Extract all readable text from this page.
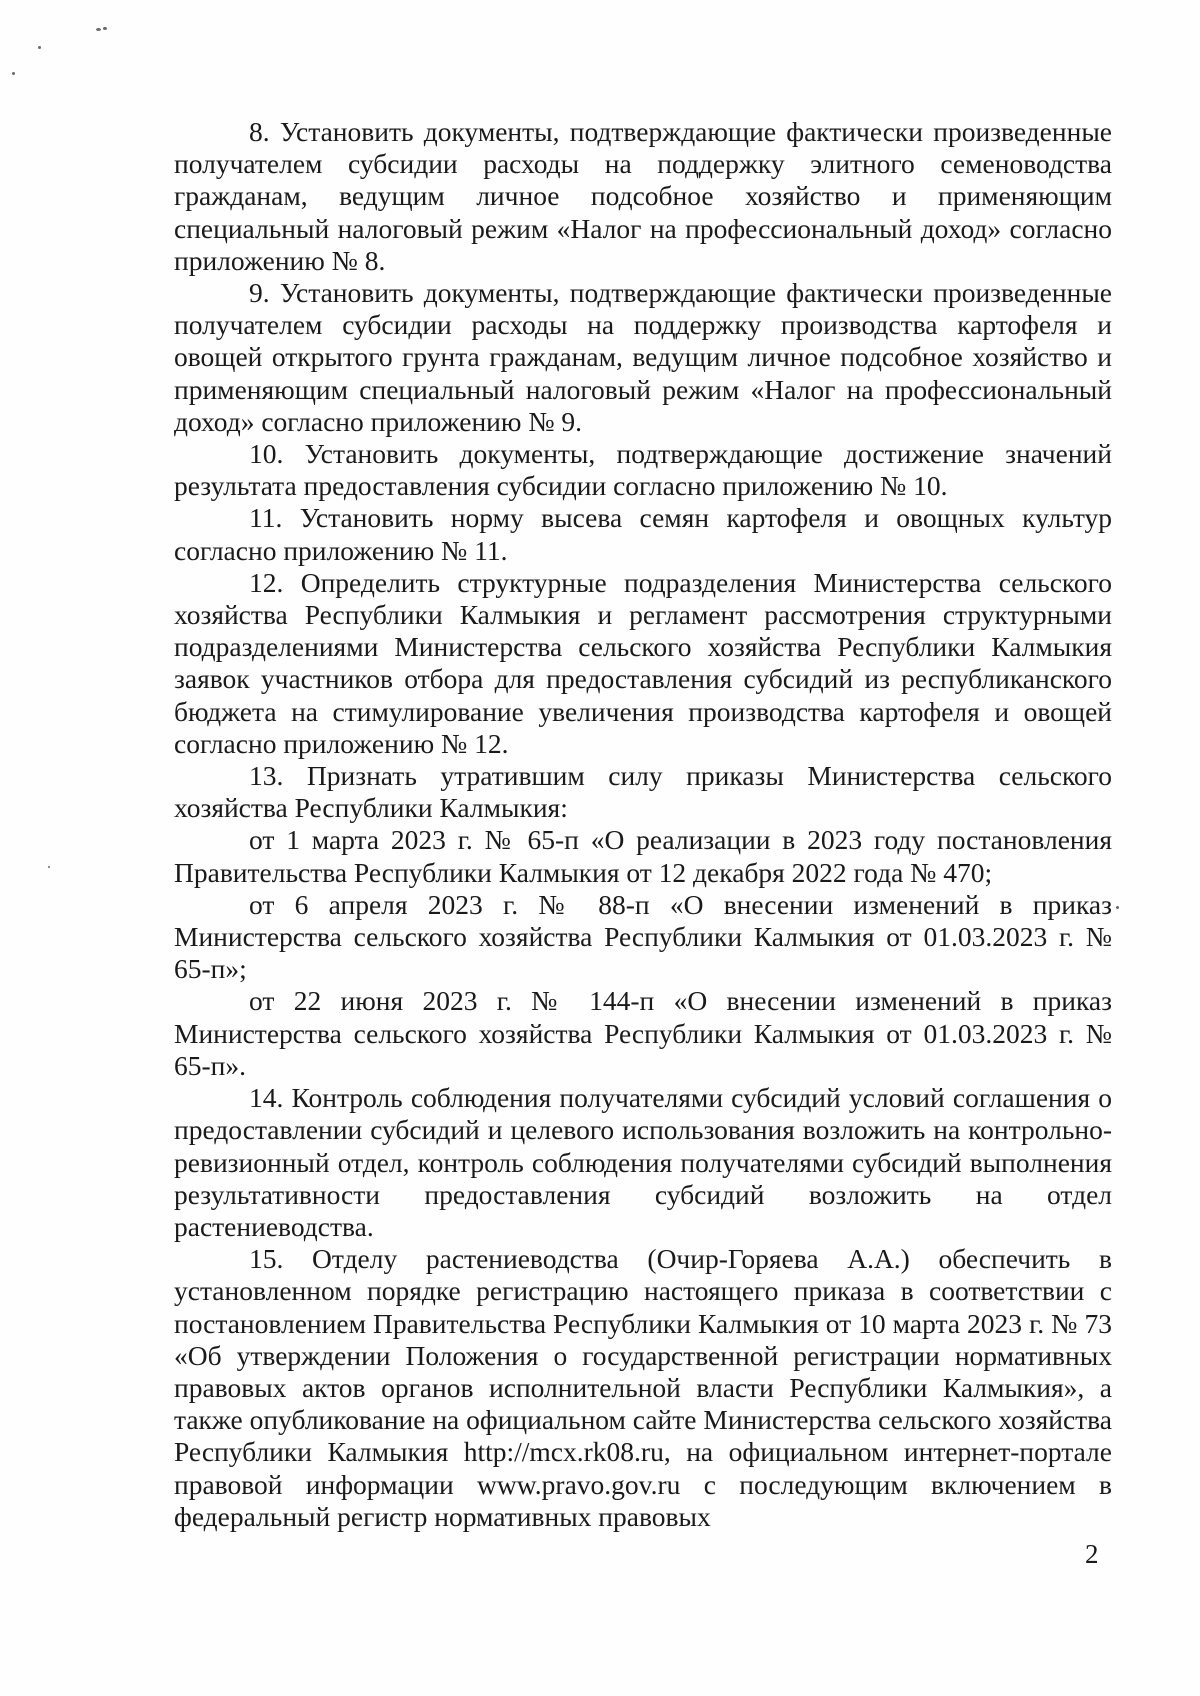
8. Установить документы, подтверждающие фактически произведенные получателем субсидии расходы на поддержку элитного семеноводства гражданам, ведущим личное подсобное хозяйство и применяющим специальный налоговый режим «Налог на профессиональный доход» согласно приложению № 8.

9. Установить документы, подтверждающие фактически произведенные получателем субсидии расходы на поддержку производства картофеля и овощей открытого грунта гражданам, ведущим личное подсобное хозяйство и применяющим специальный налоговый режим «Налог на профессиональный доход» согласно приложению № 9.

10. Установить документы, подтверждающие достижение значений результата предоставления субсидии согласно приложению № 10.

11. Установить норму высева семян картофеля и овощных культур согласно приложению № 11.

12. Определить структурные подразделения Министерства сельского хозяйства Республики Калмыкия и регламент рассмотрения структурными подразделениями Министерства сельского хозяйства Республики Калмыкия заявок участников отбора для предоставления субсидий из республиканского бюджета на стимулирование увеличения производства картофеля и овощей согласно приложению № 12.

13. Признать утратившим силу приказы Министерства сельского хозяйства Республики Калмыкия:

от 1 марта 2023 г. № 65-п «О реализации в 2023 году постановления Правительства Республики Калмыкия от 12 декабря 2022 года № 470;

от 6 апреля 2023 г. № 88-п «О внесении изменений в приказ Министерства сельского хозяйства Республики Калмыкия от 01.03.2023 г. № 65-п»;

от 22 июня 2023 г. № 144-п «О внесении изменений в приказ Министерства сельского хозяйства Республики Калмыкия от 01.03.2023 г. № 65-п».

14. Контроль соблюдения получателями субсидий условий соглашения о предоставлении субсидий и целевого использования возложить на контрольно-ревизионный отдел, контроль соблюдения получателями субсидий выполнения результативности предоставления субсидий возложить на отдел растениеводства.

15. Отделу растениеводства (Очир-Горяева А.А.) обеспечить в установленном порядке регистрацию настоящего приказа в соответствии с постановлением Правительства Республики Калмыкия от 10 марта 2023 г. № 73 «Об утверждении Положения о государственной регистрации нормативных правовых актов органов исполнительной власти Республики Калмыкия», а также опубликование на официальном сайте Министерства сельского хозяйства Республики Калмыкия http://mcx.rk08.ru, на официальном интернет-портале правовой информации www.pravo.gov.ru с последующим включением в федеральный регистр нормативных правовых

2
